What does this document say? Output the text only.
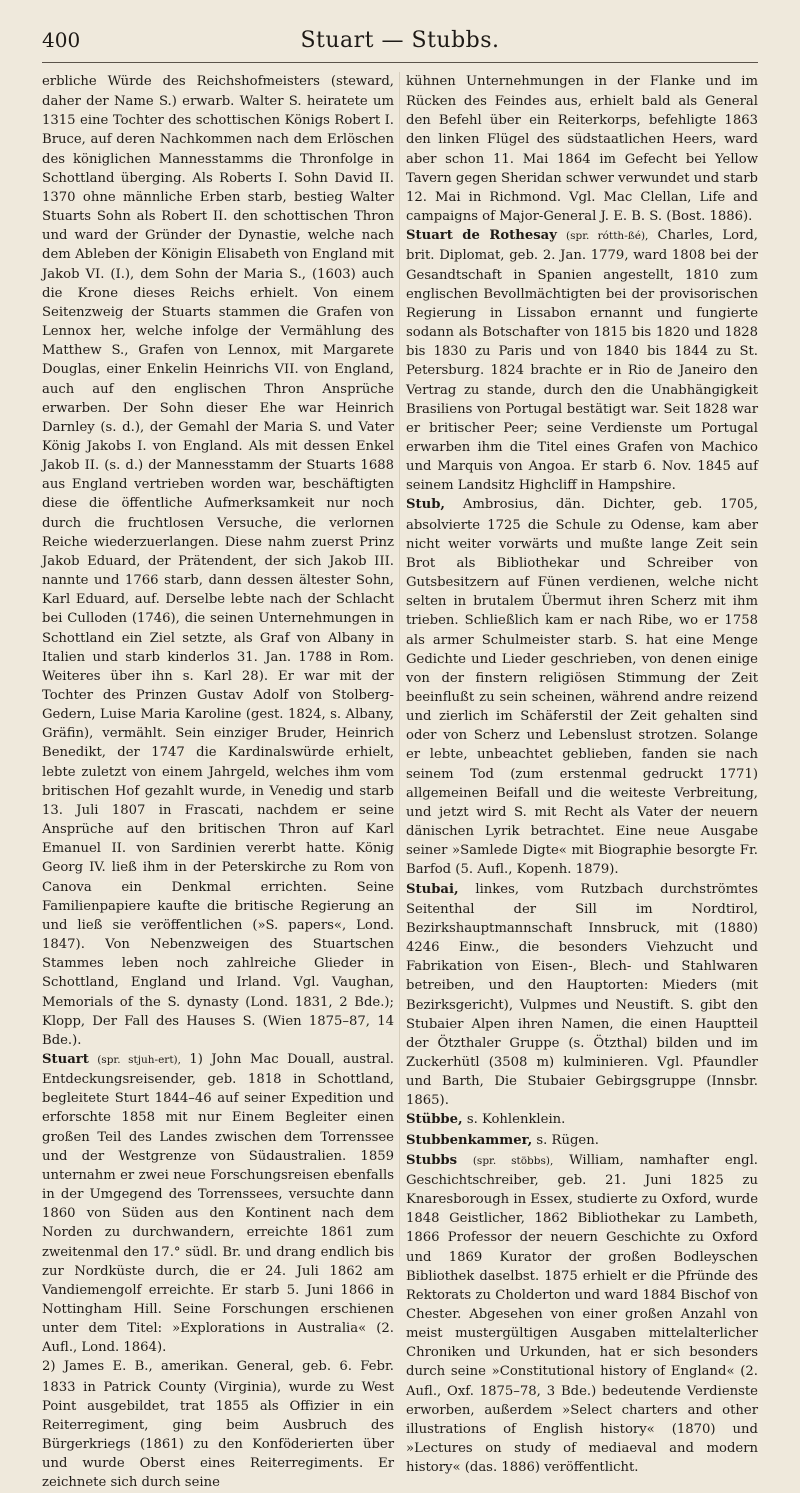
400	Stuart — Stubbs.

erbliche Würde des Reichshofmeisters (steward, daher der Name S.) erwarb. Walter S. heiratete um 1315 eine Tochter des schottischen Königs Robert I. Bruce, auf deren Nachkommen nach dem Erlöschen des königlichen Mannesstamms die Thronfolge in Schottland überging. Als Roberts I. Sohn David II. 1370 ohne männliche Erben starb, bestieg Walter Stuarts Sohn als Robert II. den schottischen Thron und ward der Gründer der Dynastie, welche nach dem Ableben der Königin Elisabeth von England mit Jakob VI. (I.), dem Sohn der Maria S., (1603) auch die Krone dieses Reichs erhielt. Von einem Seitenzweig der Stuarts stammen die Grafen von Lennox her, welche infolge der Vermählung des Matthew S., Grafen von Lennox, mit Margarete Douglas, einer Enkelin Heinrichs VII. von England, auch auf den englischen Thron Ansprüche erwarben. Der Sohn dieser Ehe war Heinrich Darnley (s. d.), der Gemahl der Maria S. und Vater König Jakobs I. von England. Als mit dessen Enkel Jakob II. (s. d.) der Mannesstamm der Stuarts 1688 aus England vertrieben worden war, beschäftigten diese die öffentliche Aufmerksamkeit nur noch durch die fruchtlosen Versuche, die verlornen Reiche wiederzuerlangen. Diese nahm zuerst Prinz Jakob Eduard, der Prätendent, der sich Jakob III. nannte und 1766 starb, dann dessen ältester Sohn, Karl Eduard, auf. Derselbe lebte nach der Schlacht bei Culloden (1746), die seinen Unternehmungen in Schottland ein Ziel setzte, als Graf von Albany in Italien und starb kinderlos 31. Jan. 1788 in Rom. Weiteres über ihn s. Karl 28). Er war mit der Tochter des Prinzen Gustav Adolf von Stolberg-Gedern, Luise Maria Karoline (gest. 1824, s. Albany, Gräfin), vermählt. Sein einziger Bruder, Heinrich Benedikt, der 1747 die Kardinalswürde erhielt, lebte zuletzt von einem Jahrgeld, welches ihm vom britischen Hof gezahlt wurde, in Venedig und starb 13. Juli 1807 in Frascati, nachdem er seine Ansprüche auf den britischen Thron auf Karl Emanuel II. von Sardinien vererbt hatte. König Georg IV. ließ ihm in der Peterskirche zu Rom von Canova ein Denkmal errichten. Seine Familienpapiere kaufte die britische Regierung an und ließ sie veröffentlichen (»S. papers«, Lond. 1847). Von Nebenzweigen des Stuartschen Stammes leben noch zahlreiche Glieder in Schottland, England und Irland. Vgl. Vaughan, Memorials of the S. dynasty (Lond. 1831, 2 Bde.); Klopp, Der Fall des Hauses S. (Wien 1875–87, 14 Bde.).

Stuart (spr. stjuh-ert), 1) John Mac Douall, austral. Entdeckungsreisender, geb. 1818 in Schottland, begleitete Sturt 1844–46 auf seiner Expedition und erforschte 1858 mit nur Einem Begleiter einen großen Teil des Landes zwischen dem Torrenssee und der Westgrenze von Südaustralien. 1859 unternahm er zwei neue Forschungsreisen ebenfalls in der Umgegend des Torrenssees, versuchte dann 1860 von Süden aus den Kontinent nach dem Norden zu durchwandern, erreichte 1861 zum zweitenmal den 17.° südl. Br. und drang endlich bis zur Nordküste durch, die er 24. Juli 1862 am Vandiemengolf erreichte. Er starb 5. Juni 1866 in Nottingham Hill. Seine Forschungen erschienen unter dem Titel: »Explorations in Australia« (2. Aufl., Lond. 1864).

2) James E. B., amerikan. General, geb. 6. Febr. 1833 in Patrick County (Virginia), wurde zu West Point ausgebildet, trat 1855 als Offizier in ein Reiterregiment, ging beim Ausbruch des Bürgerkriegs (1861) zu den Konföderierten über und wurde Oberst eines Reiterregiments. Er zeichnete sich durch seine

kühnen Unternehmungen in der Flanke und im Rücken des Feindes aus, erhielt bald als General den Befehl über ein Reiterkorps, befehligte 1863 den linken Flügel des südstaatlichen Heers, ward aber schon 11. Mai 1864 im Gefecht bei Yellow Tavern gegen Sheridan schwer verwundet und starb 12. Mai in Richmond. Vgl. Mac Clellan, Life and campaigns of Major-General J. E. B. S. (Bost. 1886).

Stuart de Rothesay (spr. rótth-ßé), Charles, Lord, brit. Diplomat, geb. 2. Jan. 1779, ward 1808 bei der Gesandtschaft in Spanien angestellt, 1810 zum englischen Bevollmächtigten bei der provisorischen Regierung in Lissabon ernannt und fungierte sodann als Botschafter von 1815 bis 1820 und 1828 bis 1830 zu Paris und von 1840 bis 1844 zu St. Petersburg. 1824 brachte er in Rio de Janeiro den Vertrag zu stande, durch den die Unabhängigkeit Brasiliens von Portugal bestätigt war. Seit 1828 war er britischer Peer; seine Verdienste um Portugal erwarben ihm die Titel eines Grafen von Machico und Marquis von Angoa. Er starb 6. Nov. 1845 auf seinem Landsitz Highcliff in Hampshire.

Stub, Ambrosius, dän. Dichter, geb. 1705, absolvierte 1725 die Schule zu Odense, kam aber nicht weiter vorwärts und mußte lange Zeit sein Brot als Bibliothekar und Schreiber von Gutsbesitzern auf Fünen verdienen, welche nicht selten in brutalem Übermut ihren Scherz mit ihm trieben. Schließlich kam er nach Ribe, wo er 1758 als armer Schulmeister starb. S. hat eine Menge Gedichte und Lieder geschrieben, von denen einige von der finstern religiösen Stimmung der Zeit beeinflußt zu sein scheinen, während andre reizend und zierlich im Schäferstil der Zeit gehalten sind oder von Scherz und Lebenslust strotzen. Solange er lebte, unbeachtet geblieben, fanden sie nach seinem Tod (zum erstenmal gedruckt 1771) allgemeinen Beifall und die weiteste Verbreitung, und jetzt wird S. mit Recht als Vater der neuern dänischen Lyrik betrachtet. Eine neue Ausgabe seiner »Samlede Digte« mit Biographie besorgte Fr. Barfod (5. Aufl., Kopenh. 1879).

Stubai, linkes, vom Rutzbach durchströmtes Seitenthal der Sill im Nordtirol, Bezirkshauptmannschaft Innsbruck, mit (1880) 4246 Einw., die besonders Viehzucht und Fabrikation von Eisen-, Blech- und Stahlwaren betreiben, und den Hauptorten: Mieders (mit Bezirksgericht), Vulpmes und Neustift. S. gibt den Stubaier Alpen ihren Namen, die einen Hauptteil der Ötzthaler Gruppe (s. Ötzthal) bilden und im Zuckerhütl (3508 m) kulminieren. Vgl. Pfaundler und Barth, Die Stubaier Gebirgsgruppe (Innsbr. 1865).

Stübbe, s. Kohlenklein.

Stubbenkammer, s. Rügen.

Stubbs (spr. stöbbs), William, namhafter engl. Geschichtschreiber, geb. 21. Juni 1825 zu Knaresborough in Essex, studierte zu Oxford, wurde 1848 Geistlicher, 1862 Bibliothekar zu Lambeth, 1866 Professor der neuern Geschichte zu Oxford und 1869 Kurator der großen Bodleyschen Bibliothek daselbst. 1875 erhielt er die Pfründe des Rektorats zu Cholderton und ward 1884 Bischof von Chester. Abgesehen von einer großen Anzahl von meist mustergültigen Ausgaben mittelalterlicher Chroniken und Urkunden, hat er sich besonders durch seine »Constitutional history of England« (2. Aufl., Oxf. 1875–78, 3 Bde.) bedeutende Verdienste erworben, außerdem »Select charters and other illustrations of English history« (1870) und »Lectures on study of mediaeval and modern history« (das. 1886) veröffentlicht.
